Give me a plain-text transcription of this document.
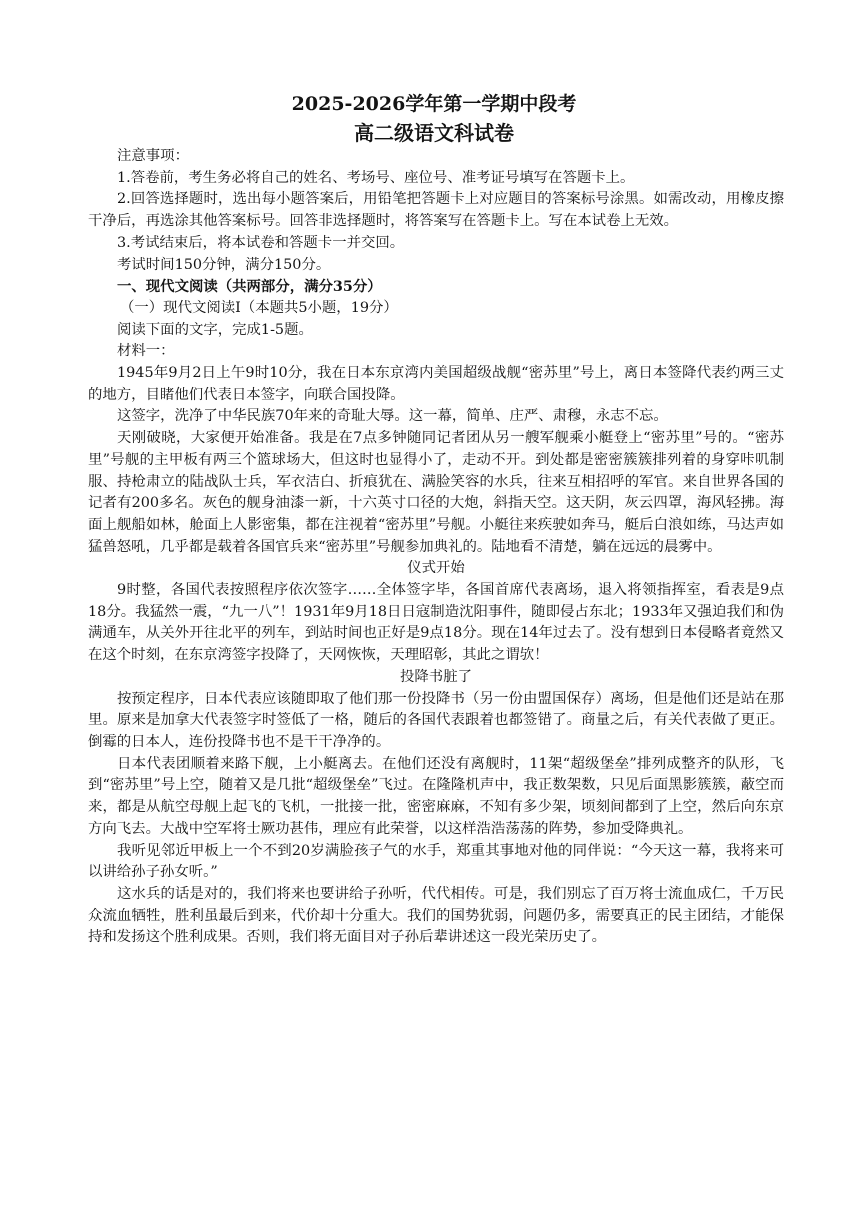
2025-2026学年第一学期中段考
高二级语文科试卷

注意事项：

1.答卷前，考生务必将自己的姓名、考场号、座位号、准考证号填写在答题卡上。

2.回答选择题时，选出每小题答案后，用铅笔把答题卡上对应题目的答案标号涂黑。如需改动，用橡皮擦干净后，再选涂其他答案标号。回答非选择题时，将答案写在答题卡上。写在本试卷上无效。

3.考试结束后，将本试卷和答题卡一并交回。

考试时间150分钟，满分150分。

一、现代文阅读（共两部分，满分35分）

（一）现代文阅读Ⅰ（本题共5小题，19分）

阅读下面的文字，完成1-5题。

材料一：

1945年9月2日上午9时10分，我在日本东京湾内美国超级战舰“密苏里”号上，离日本签降代表约两三丈的地方，目睹他们代表日本签字，向联合国投降。

这签字，洗净了中华民族70年来的奇耻大辱。这一幕，简单、庄严、肃穆，永志不忘。

天刚破晓，大家便开始准备。我是在7点多钟随同记者团从另一艘军舰乘小艇登上“密苏里”号的。“密苏里”号舰的主甲板有两三个篮球场大，但这时也显得小了，走动不开。到处都是密密簇簇排列着的身穿咔叽制服、持枪肃立的陆战队士兵，军衣洁白、折痕犹在、满脸笑容的水兵，往来互相招呼的军官。来自世界各国的记者有200多名。灰色的舰身油漆一新，十六英寸口径的大炮，斜指天空。这天阴，灰云四罩，海风轻拂。海面上舰船如林，舱面上人影密集，都在注视着“密苏里”号舰。小艇往来疾驶如奔马，艇后白浪如练，马达声如猛兽怒吼，几乎都是载着各国官兵来“密苏里”号舰参加典礼的。陆地看不清楚，躺在远远的晨雾中。

仪式开始

9时整，各国代表按照程序依次签字……全体签字毕，各国首席代表离场，退入将领指挥室，看表是9点18分。我猛然一震，“九一八”！1931年9月18日日寇制造沈阳事件，随即侵占东北；1933年又强迫我们和伪满通车，从关外开往北平的列车，到站时间也正好是9点18分。现在14年过去了。没有想到日本侵略者竟然又在这个时刻，在东京湾签字投降了，天网恢恢，天理昭彰，其此之谓欤！

投降书脏了

按预定程序，日本代表应该随即取了他们那一份投降书（另一份由盟国保存）离场，但是他们还是站在那里。原来是加拿大代表签字时签低了一格，随后的各国代表跟着也都签错了。商量之后，有关代表做了更正。倒霉的日本人，连份投降书也不是干干净净的。

日本代表团顺着来路下舰，上小艇离去。在他们还没有离舰时，11架“超级堡垒”排列成整齐的队形，飞到“密苏里”号上空，随着又是几批“超级堡垒”飞过。在隆隆机声中，我正数架数，只见后面黑影簇簇，蔽空而来，都是从航空母舰上起飞的飞机，一批接一批，密密麻麻，不知有多少架，顷刻间都到了上空，然后向东京方向飞去。大战中空军将士厥功甚伟，理应有此荣誉，以这样浩浩荡荡的阵势，参加受降典礼。

我听见邻近甲板上一个不到20岁满脸孩子气的水手，郑重其事地对他的同伴说：“今天这一幕，我将来可以讲给孙子孙女听。”

这水兵的话是对的，我们将来也要讲给子孙听，代代相传。可是，我们别忘了百万将士流血成仁，千万民众流血牺牲，胜利虽最后到来，代价却十分重大。我们的国势犹弱，问题仍多，需要真正的民主团结，才能保持和发扬这个胜利成果。否则，我们将无面目对子孙后辈讲述这一段光荣历史了。
